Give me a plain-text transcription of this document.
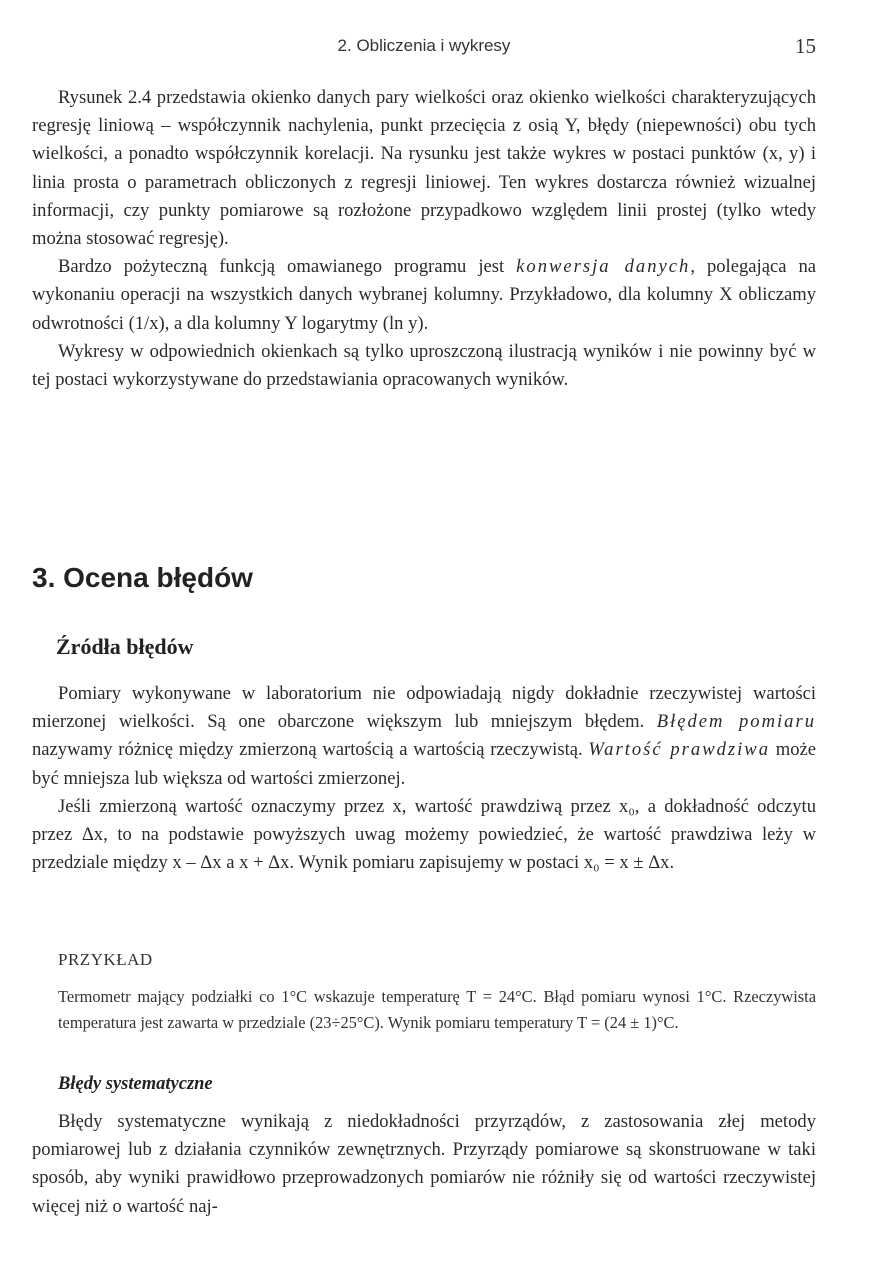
2. Obliczenia i wykresy	15

Rysunek 2.4 przedstawia okienko danych pary wielkości oraz okienko wielkości charakteryzujących regresję liniową – współczynnik nachylenia, punkt przecięcia z osią Y, błędy (niepewności) obu tych wielkości, a ponadto współczynnik korelacji. Na rysunku jest także wykres w postaci punktów (x, y) i linia prosta o parametrach obliczonych z regresji liniowej. Ten wykres dostarcza również wizualnej informacji, czy punkty pomiarowe są rozłożone przypadkowo względem linii prostej (tylko wtedy można stosować regresję).

Bardzo pożyteczną funkcją omawianego programu jest konwersja danych, polegająca na wykonaniu operacji na wszystkich danych wybranej kolumny. Przykładowo, dla kolumny X obliczamy odwrotności (1/x), a dla kolumny Y logarytmy (ln y).

Wykresy w odpowiednich okienkach są tylko uproszczoną ilustracją wyników i nie powinny być w tej postaci wykorzystywane do przedstawiania opracowanych wyników.

3. Ocena błędów
Źródła błędów

Pomiary wykonywane w laboratorium nie odpowiadają nigdy dokładnie rzeczywistej wartości mierzonej wielkości. Są one obarczone większym lub mniejszym błędem. Błędem pomiaru nazywamy różnicę między zmierzoną wartością a wartością rzeczywistą. Wartość prawdziwa może być mniejsza lub większa od wartości zmierzonej.

Jeśli zmierzoną wartość oznaczymy przez x, wartość prawdziwą przez x₀, a dokładność odczytu przez Δx, to na podstawie powyższych uwag możemy powiedzieć, że wartość prawdziwa leży w przedziale między x – Δx a x + Δx. Wynik pomiaru zapisujemy w postaci x₀ = x ± Δx.

PRZYKŁAD
Termometr mający podziałki co 1°C wskazuje temperaturę T = 24°C. Błąd pomiaru wynosi 1°C. Rzeczywista temperatura jest zawarta w przedziale (23÷25°C). Wynik pomiaru temperatury T = (24 ± 1)°C.
Błędy systematyczne

Błędy systematyczne wynikają z niedokładności przyrządów, z zastosowania złej metody pomiarowej lub z działania czynników zewnętrznych. Przyrządy pomiarowe są skonstruowane w taki sposób, aby wyniki prawidłowo przeprowadzonych pomiarów nie różniły się od wartości rzeczywistej więcej niż o wartość naj-
